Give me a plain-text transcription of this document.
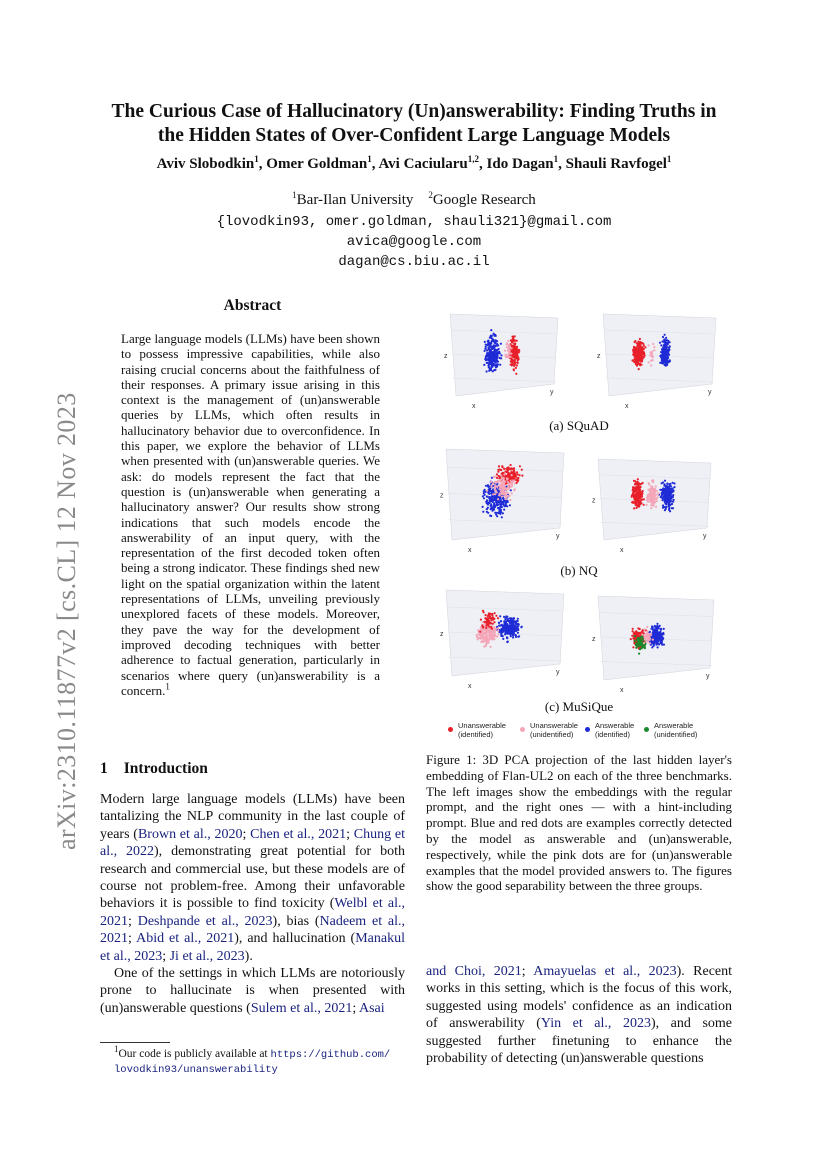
arXiv:2310.11877v2 [cs.CL] 12 Nov 2023
The Curious Case of Hallucinatory (Un)answerability: Finding Truths in
the Hidden States of Over-Confident Large Language Models
Aviv Slobodkin$^1$, Omer Goldman$^1$, Avi Caciularu$^{1,2}$, Ido Dagan$^1$, Shauli Ravfogel$^1$
$^1$Bar-Ilan University $^2$Google Research
{lovodkin93, omer.goldman, shauli321}@gmail.com
avica@google.com
dagan@cs.biu.ac.il
Abstract
Large language models (LLMs) have been shown to possess impressive capabilities, while also raising crucial concerns about the faithfulness of their responses. A primary issue arising in this context is the management of (un)answerable queries by LLMs, which often results in hallucinatory behavior due to overconfidence. In this paper, we explore the behavior of LLMs when presented with (un)answerable queries. We ask: do models represent the fact that the question is (un)answerable when generating a hallucinatory answer? Our results show strong indications that such models encode the answerability of an input query, with the representation of the first decoded token often being a strong indicator. These findings shed new light on the spatial organization within the latent representations of LLMs, unveiling previously unexplored facets of these models. Moreover, they pave the way for the development of improved decoding techniques with better adherence to factual generation, particularly in scenarios where query (un)answerability is a concern.$^1$
1 Introduction

Modern large language models (LLMs) have been tantalizing the NLP community in the last couple of years (Brown et al., 2020; Chen et al., 2021; Chung et al., 2022), demonstrating great potential for both research and commercial use, but these models are of course not problem-free. Among their unfavorable behaviors it is possible to find toxicity (Welbl et al., 2021; Deshpande et al., 2023), bias (Nadeem et al., 2021; Abid et al., 2021), and hallucination (Manakul et al., 2023; Ji et al., 2023).

One of the settings in which LLMs are notoriously prone to hallucinate is when presented with (un)answerable questions (Sulem et al., 2021; Asai

$^1$Our code is publicly available at https://github.com/
lovodkin93/unanswerability
x
y
z
x
y
z
(a) SQuAD
x
y
z
x
y
z
(b) NQ
x
y
z
x
y
z
(c) MuSiQue
Unanswerable
(identified)
Unanswerable
(unidentified)
Answerable
(identified)
Answerable
(unidentified)
Figure 1: 3D PCA projection of the last hidden layer's embedding of Flan-UL2 on each of the three benchmarks. The left images show the embeddings with the regular prompt, and the right ones — with a hint-including prompt. Blue and red dots are examples correctly detected by the model as answerable and (un)answerable, respectively, while the pink dots are for (un)answerable examples that the model provided answers to. The figures show the good separability between the three groups.

and Choi, 2021; Amayuelas et al., 2023). Recent works in this setting, which is the focus of this work, suggested using models' confidence as an indication of answerability (Yin et al., 2023), and some suggested further finetuning to enhance the probability of detecting (un)answerable questions
